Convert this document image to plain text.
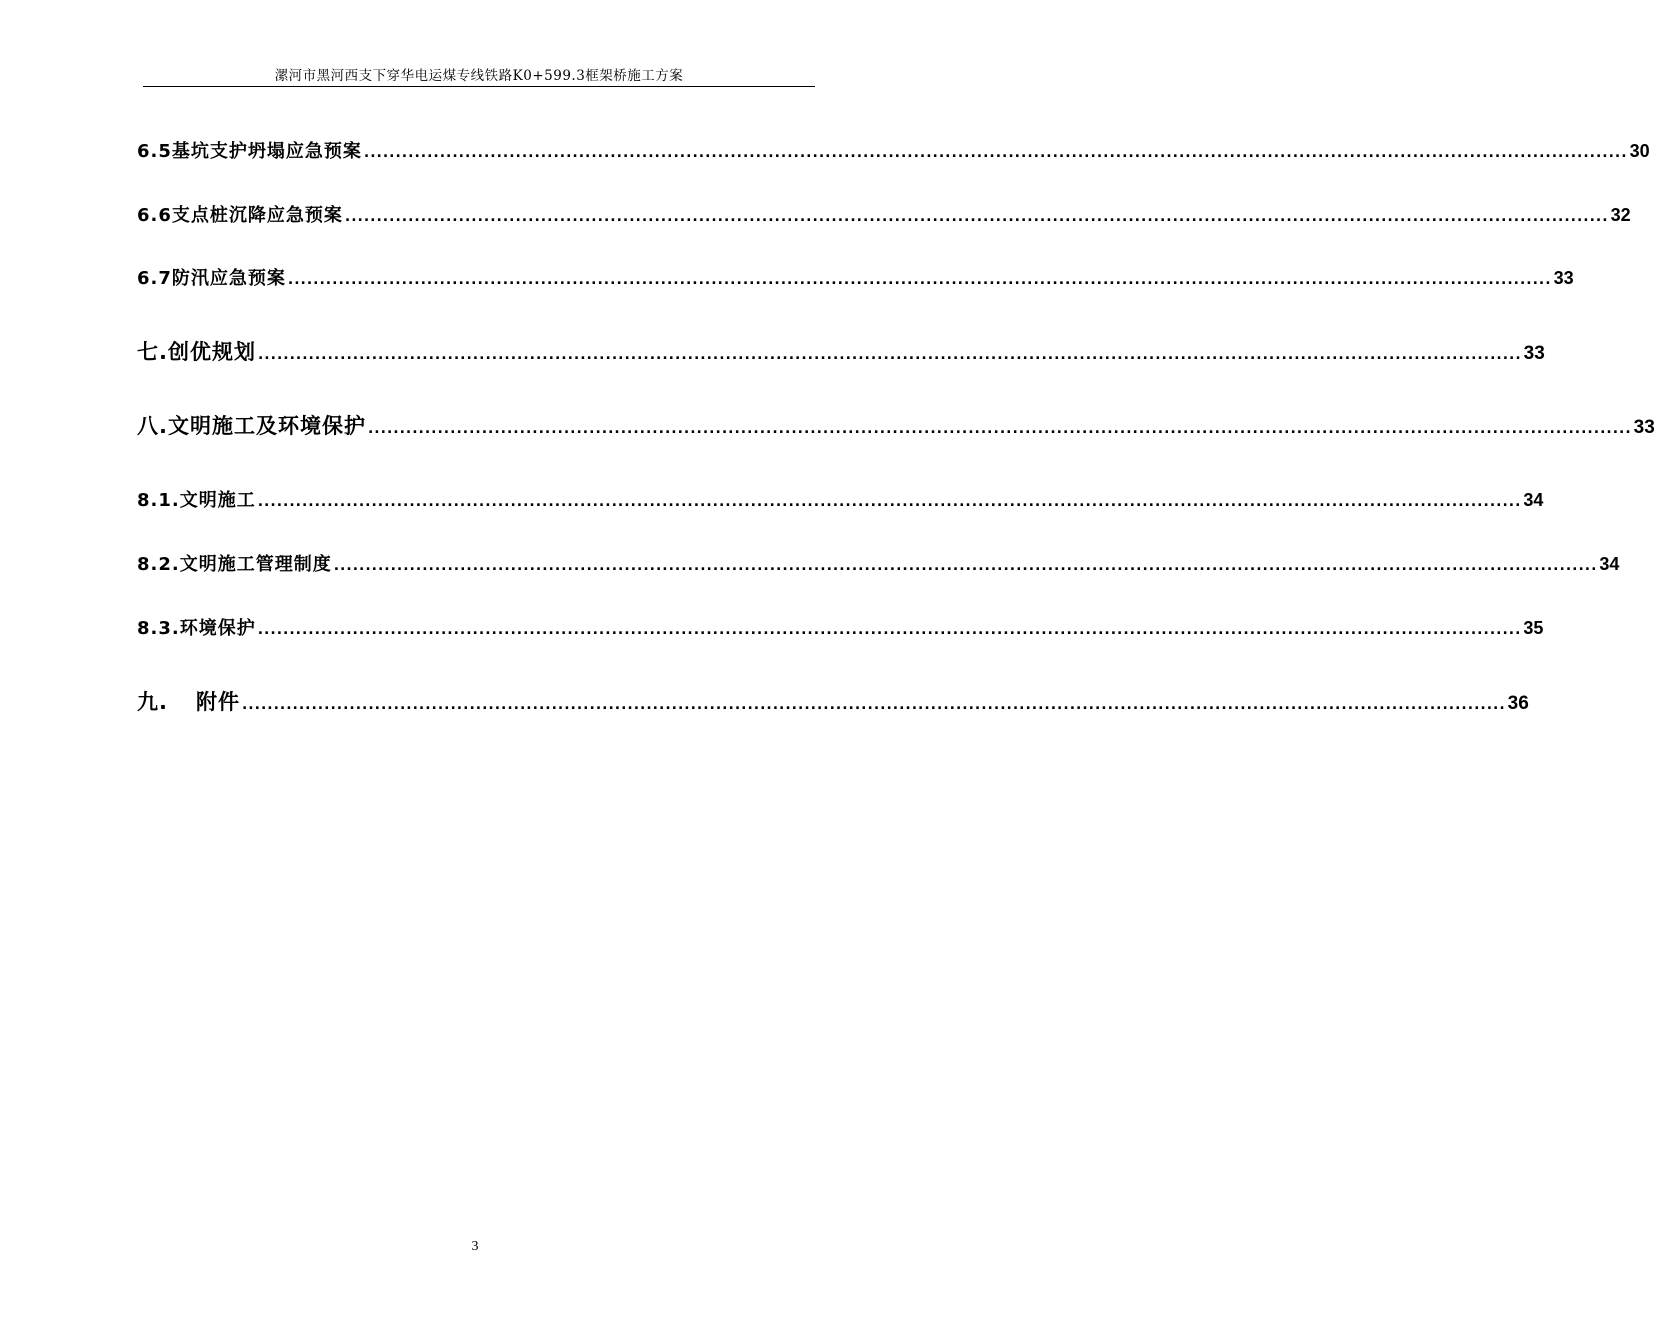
漯河市黑河西支下穿华电运煤专线铁路K0+599.3框架桥施工方案
6.5基坑支护坍塌应急预案 ........................................................................................................................................................................................................ 30
6.6支点桩沉降应急预案 ........................................................................................................................................................................................................ 32
6.7防汛应急预案 ........................................................................................................................................................................................................ 33
七.创优规划 ........................................................................................................................................................................................................ 33
八.文明施工及环境保护 ........................................................................................................................................................................................................ 33
8.1.文明施工 ........................................................................................................................................................................................................ 34
8.2.文明施工管理制度 ........................................................................................................................................................................................................ 34
8.3.环境保护 ........................................................................................................................................................................................................ 35
九. 附件 ........................................................................................................................................................................................................ 36
3
